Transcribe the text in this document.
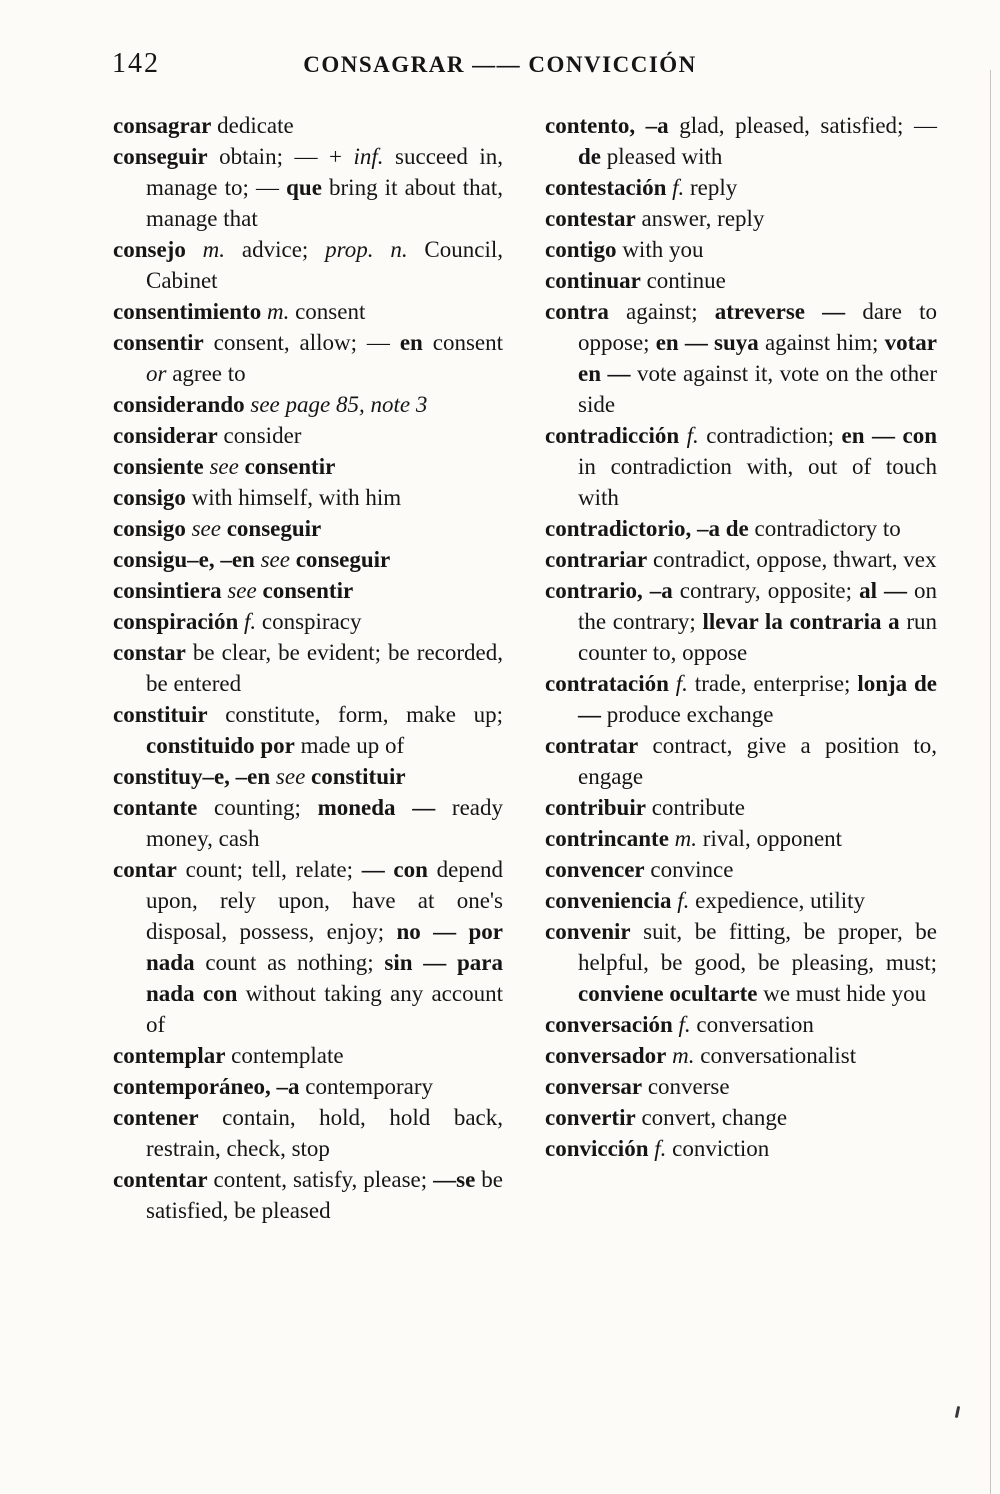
142	CONSAGRAR —— CONVICCIÓN

consagrar dedicate

conseguir obtain; — + inf. succeed in, manage to; — que bring it about that, manage that

consejo m. advice; prop. n. Council, Cabinet

consentimiento m. consent

consentir consent, allow; — en consent or agree to

considerando see page 85, note 3

considerar consider

consiente see consentir

consigo with himself, with him

consigo see conseguir

consigu–e, –en see conseguir

consintiera see consentir

conspiración f. conspiracy

constar be clear, be evident; be recorded, be entered

constituir constitute, form, make up; constituido por made up of

constituy–e, –en see constituir

contante counting; moneda — ready money, cash

contar count; tell, relate; — con depend upon, rely upon, have at one's disposal, possess, enjoy; no — por nada count as nothing; sin — para nada con without taking any account of

contemplar contemplate

contemporáneo, –a contemporary

contener contain, hold, hold back, restrain, check, stop

contentar content, satisfy, please; —se be satisfied, be pleased

contento, –a glad, pleased, satisfied; — de pleased with

contestación f. reply

contestar answer, reply

contigo with you

continuar continue

contra against; atreverse — dare to oppose; en — suya against him; votar en — vote against it, vote on the other side

contradicción f. contradiction; en — con in contradiction with, out of touch with

contradictorio, –a de contradictory to

contrariar contradict, oppose, thwart, vex

contrario, –a contrary, opposite; al — on the contrary; llevar la contraria a run counter to, oppose

contratación f. trade, enterprise; lonja de — produce exchange

contratar contract, give a position to, engage

contribuir contribute

contrincante m. rival, opponent

convencer convince

conveniencia f. expedience, utility

convenir suit, be fitting, be proper, be helpful, be good, be pleasing, must; conviene ocultarte we must hide you

conversación f. conversation

conversador m. conversationalist

conversar converse

convertir convert, change

convicción f. conviction
